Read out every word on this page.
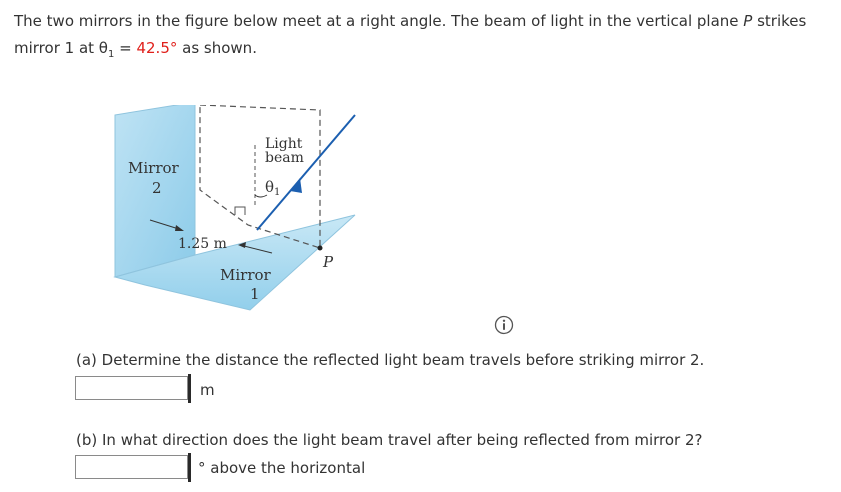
The two mirrors in the figure below meet at a right angle. The beam of light in the vertical plane P strikes
mirror 1 at $\theta_1 = 42.5^\circ$ as shown.
Light
beam
$\theta_1$
Mirror
2
1.25 m
Mirror
1
P
(a) Determine the distance the reflected light beam travels before striking mirror 2.
m
(b) In what direction does the light beam travel after being reflected from mirror 2?
° above the horizontal
